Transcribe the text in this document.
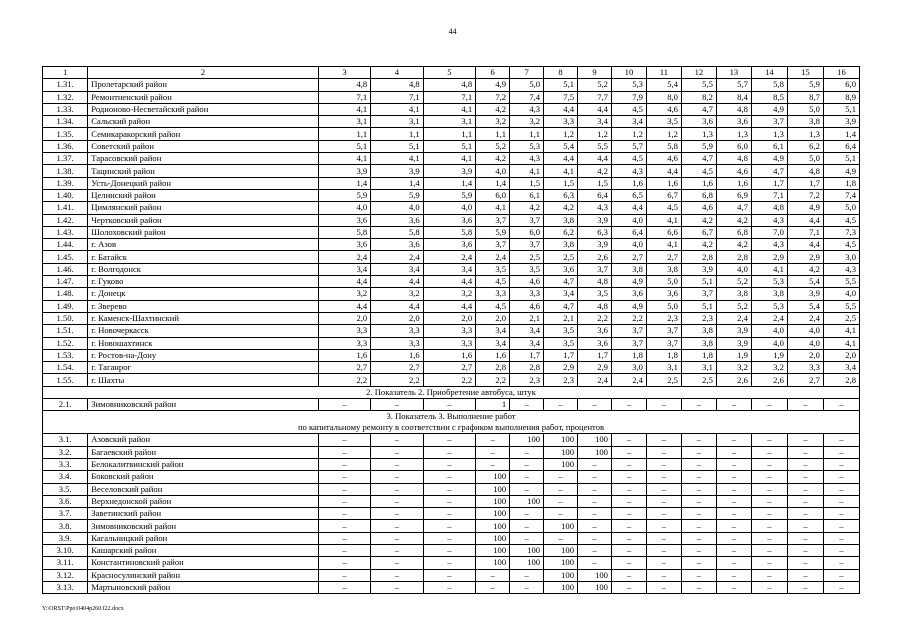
44
1	2	3	4	5	6	7	8	9	10	11	12	13	14	15	16
1.31.	Пролетарский район	4,8	4,8	4,8	4,9	5,0	5,1	5,2	5,3	5,4	5,5	5,7	5,8	5,9	6,0
1.32.	Ремонтненский район	7,1	7,1	7,1	7,2	7,4	7,5	7,7	7,9	8,0	8,2	8,4	8,5	8,7	8,9
1.33.	Родионово-Несветайский район	4,1	4,1	4,1	4,2	4,3	4,4	4,4	4,5	4,6	4,7	4,8	4,9	5,0	5,1
1.34.	Сальский район	3,1	3,1	3,1	3,2	3,2	3,3	3,4	3,4	3,5	3,6	3,6	3,7	3,8	3,9
1.35.	Семикаракорский район	1,1	1,1	1,1	1,1	1,1	1,2	1,2	1,2	1,2	1,3	1,3	1,3	1,3	1,4
1.36.	Советский район	5,1	5,1	5,1	5,2	5,3	5,4	5,5	5,7	5,8	5,9	6,0	6,1	6,2	6,4
1.37.	Тарасовский район	4,1	4,1	4,1	4,2	4,3	4,4	4,4	4,5	4,6	4,7	4,8	4,9	5,0	5,1
1.38.	Тацинский район	3,9	3,9	3,9	4,0	4,1	4,1	4,2	4,3	4,4	4,5	4,6	4,7	4,8	4,9
1.39.	Усть-Донецкий район	1,4	1,4	1,4	1,4	1,5	1,5	1,5	1,6	1,6	1,6	1,6	1,7	1,7	1,8
1.40.	Целинский район	5,9	5,9	5,9	6,0	6,1	6,3	6,4	6,5	6,7	6,8	6,9	7,1	7,2	7,4
1.41.	Цимлянский район	4,0	4,0	4,0	4,1	4,2	4,2	4,3	4,4	4,5	4,6	4,7	4,8	4,9	5,0
1.42.	Чертковский район	3,6	3,6	3,6	3,7	3,7	3,8	3,9	4,0	4,1	4,2	4,2	4,3	4,4	4,5
1.43.	Шолоховский район	5,8	5,8	5,8	5,9	6,0	6,2	6,3	6,4	6,6	6,7	6,8	7,0	7,1	7,3
1.44.	г. Азов	3,6	3,6	3,6	3,7	3,7	3,8	3,9	4,0	4,1	4,2	4,2	4,3	4,4	4,5
1.45.	г. Батайск	2,4	2,4	2,4	2,4	2,5	2,5	2,6	2,7	2,7	2,8	2,8	2,9	2,9	3,0
1.46.	г. Волгодонск	3,4	3,4	3,4	3,5	3,5	3,6	3,7	3,8	3,8	3,9	4,0	4,1	4,2	4,3
1.47.	г. Гуково	4,4	4,4	4,4	4,5	4,6	4,7	4,8	4,9	5,0	5,1	5,2	5,3	5,4	5,5
1.48.	г. Донецк	3,2	3,2	3,2	3,3	3,3	3,4	3,5	3,6	3,6	3,7	3,8	3,8	3,9	4,0
1.49.	г. Зверево	4,4	4,4	4,4	4,5	4,6	4,7	4,8	4,9	5,0	5,1	5,2	5,3	5,4	5,5
1.50.	г. Каменск-Шахтинский	2,0	2,0	2,0	2,0	2,1	2,1	2,2	2,2	2,3	2,3	2,4	2,4	2,4	2,5
1.51.	г. Новочеркасск	3,3	3,3	3,3	3,4	3,4	3,5	3,6	3,7	3,7	3,8	3,9	4,0	4,0	4,1
1.52.	г. Новошахтинск	3,3	3,3	3,3	3,4	3,4	3,5	3,6	3,7	3,7	3,8	3,9	4,0	4,0	4,1
1.53.	г. Ростов-на-Дону	1,6	1,6	1,6	1,6	1,7	1,7	1,7	1,8	1,8	1,8	1,9	1,9	2,0	2,0
1.54.	г. Таганрог	2,7	2,7	2,7	2,8	2,8	2,9	2,9	3,0	3,1	3,1	3,2	3,2	3,3	3,4
1.55.	г. Шахты	2,2	2,2	2,2	2,2	2,3	2,3	2,4	2,4	2,5	2,5	2,6	2,6	2,7	2,8

2. Показатель 2. Приобретение автобуса, штук															

2.1.	Зимовниковский район	–	–	–	1	–	–	–	–	–	–	–	–	–	–

3. Показатель 3. Выполнение работ
по капитальному ремонту в соответствии с графиком выполнения работ, процентов															

3.1.	Азовский район	–	–	–	–	100	100	100	–	–	–	–	–	–	–
3.2.	Багаевский район	–	–	–	–	–	100	100	–	–	–	–	–	–	–
3.3.	Белокалитвинский район	–	–	–	–	–	100	–	–	–	–	–	–	–	–
3.4.	Боковский район	–	–	–	100	–	–	–	–	–	–	–	–	–	–
3.5.	Веселовский район	–	–	–	100	–	–	–	–	–	–	–	–	–	–
3.6.	Верхнедонской район	–	–	–	100	100	–	–	–	–	–	–	–	–	–
3.7.	Заветинский район	–	–	–	100	–	–	–	–	–	–	–	–	–	–
3.8.	Зимовниковский район	–	–	–	100	–	100	–	–	–	–	–	–	–	–
3.9.	Кагальницкий район	–	–	–	100	–	–	–	–	–	–	–	–	–	–
3.10.	Кашарский район	–	–	–	100	100	100	–	–	–	–	–	–	–	–
3.11.	Константиновский район	–	–	–	100	100	100	–	–	–	–	–	–	–	–
3.12.	Красносулинский район	–	–	–	–	–	100	100	–	–	–	–	–	–	–
3.13.	Мартыновский район	–	–	–	–	–	100	100	–	–	–	–	–	–	–
Y:\ORST\Ppo\0404p260.f22.docx
